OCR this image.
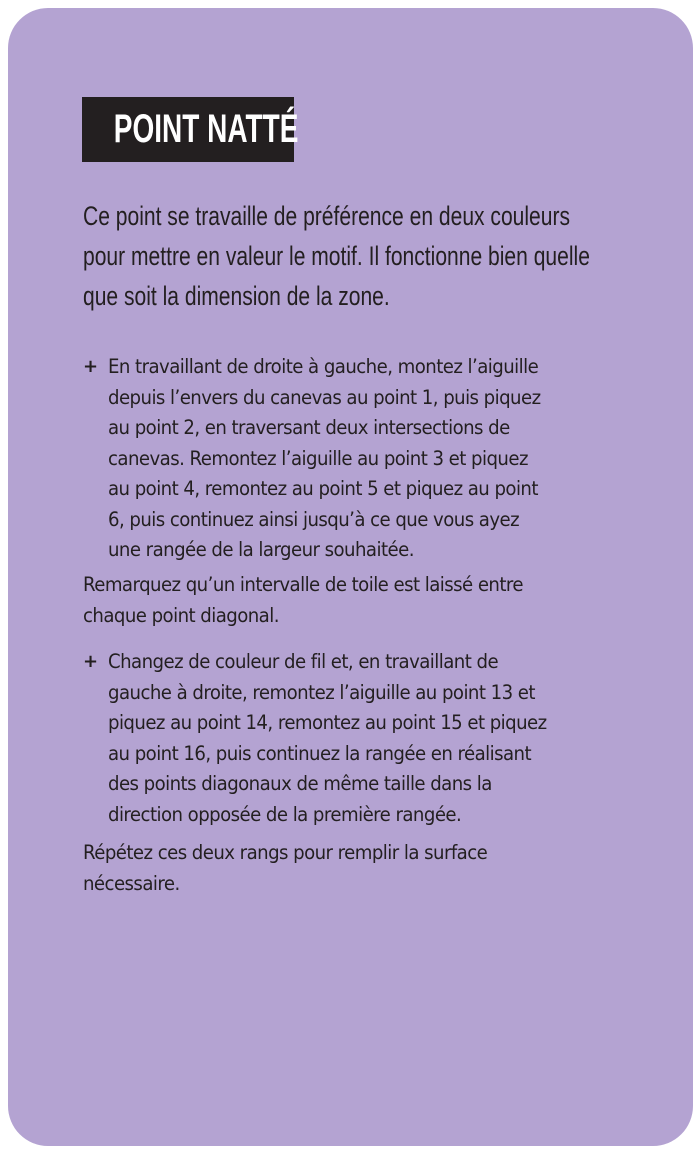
POINT NATTÉ
Ce point se travaille de préférence en deux couleurs
pour mettre en valeur le motif. Il fonctionne bien quelle
que soit la dimension de la zone.
+ En travaillant de droite à gauche, montez l’aiguille
depuis l’envers du canevas au point 1, puis piquez
au point 2, en traversant deux intersections de
canevas. Remontez l’aiguille au point 3 et piquez
au point 4, remontez au point 5 et piquez au point
6, puis continuez ainsi jusqu’à ce que vous ayez
une rangée de la largeur souhaitée.
Remarquez qu’un intervalle de toile est laissé entre
chaque point diagonal.
+ Changez de couleur de fil et, en travaillant de
gauche à droite, remontez l’aiguille au point 13 et
piquez au point 14, remontez au point 15 et piquez
au point 16, puis continuez la rangée en réalisant
des points diagonaux de même taille dans la
direction opposée de la première rangée.
Répétez ces deux rangs pour remplir la surface
nécessaire.
